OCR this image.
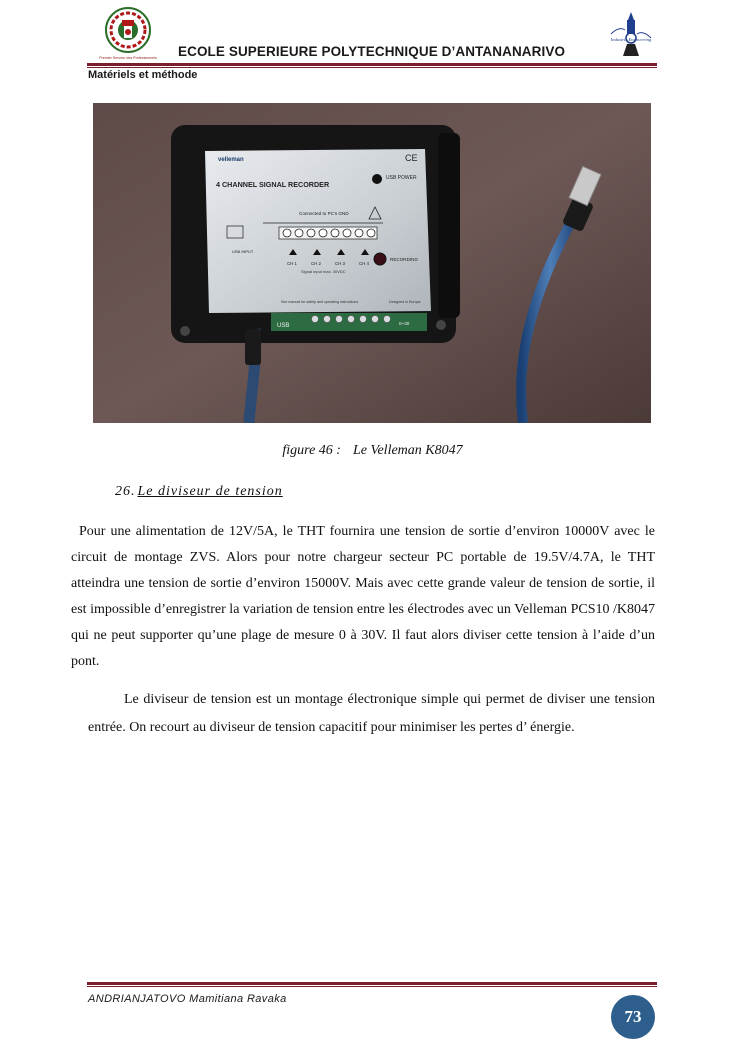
Premier Serveur des Professionnels
Industrie Engineering
ECOLE SUPERIEURE POLYTECHNIQUE D’ANTANANARIVO
Matériels et méthode
velleman
4 CHANNEL SIGNAL RECORDER
CE
USB POWER
Connected to PC's GND
USB INPUT
CH 1	CH 2	CH 3	CH 4
Signal input max. 30VDC
RECORDING
See manual for safety and operating instructions	Designed in Europe
USB	0~30
figure 46 : Le Velleman K8047
26. Le diviseur de tension

Pour une alimentation de 12V/5A, le THT fournira une tension de sortie d’environ 10000V avec le circuit de montage ZVS. Alors pour notre chargeur secteur PC portable de 19.5V/4.7A, le THT atteindra une tension de sortie d’environ 15000V. Mais avec cette grande valeur de tension de sortie, il est impossible d’enregistrer la variation de tension entre les électrodes avec un Velleman PCS10 /K8047 qui ne peut supporter qu’une plage de mesure 0 à 30V. Il faut alors diviser cette tension à l’aide d’un pont.

Le diviseur de tension est un montage électronique simple qui permet de diviser une tension entrée. On recourt au diviseur de tension capacitif pour minimiser les pertes d’ énergie.

ANDRIANJATOVO Mamitiana Ravaka
73
